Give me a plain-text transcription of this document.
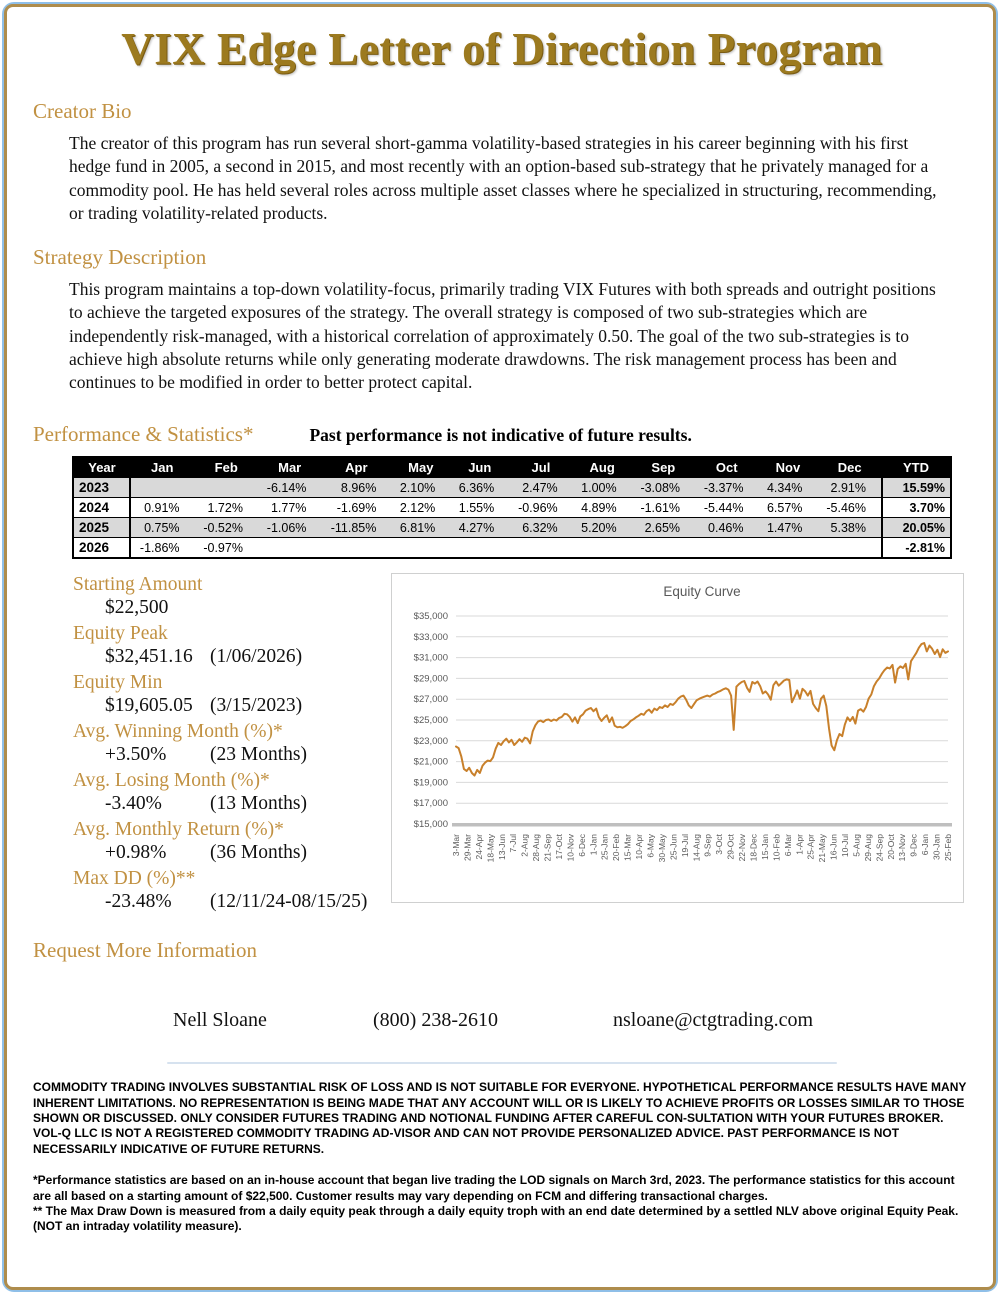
VIX Edge Letter of Direction Program
Creator Bio
The creator of this program has run several short-gamma volatility-based strategies in his career beginning with his first hedge fund in 2005, a second in 2015, and most recently with an option-based sub-strategy that he privately managed for a commodity pool. He has held several roles across multiple asset classes where he specialized in structuring, recommending, or trading volatility-related products.
Strategy Description
This program maintains a top-down volatility-focus, primarily trading VIX Futures with both spreads and outright positions to achieve the targeted exposures of the strategy. The overall strategy is composed of two sub-strategies which are independently risk-managed, with a historical correlation of approximately 0.50. The goal of the two sub-strategies is to achieve high absolute returns while only generating moderate drawdowns. The risk management process has been and continues to be modified in order to better protect capital.
Performance & Statistics*	Past performance is not indicative of future results.
Year	Jan	Feb	Mar	Apr	May	Jun	Jul	Aug	Sep	Oct	Nov	Dec	YTD
2023			-6.14%	8.96%	2.10%	6.36%	2.47%	1.00%	-3.08%	-3.37%	4.34%	2.91%	15.59%
2024	0.91%	1.72%	1.77%	-1.69%	2.12%	1.55%	-0.96%	4.89%	-1.61%	-5.44%	6.57%	-5.46%	3.70%
2025	0.75%	-0.52%	-1.06%	-11.85%	6.81%	4.27%	6.32%	5.20%	2.65%	0.46%	1.47%	5.38%	20.05%
2026	-1.86%	-0.97%											-2.81%
Starting Amount
$22,500
Equity Peak
$32,451.16 (1/06/2026)
Equity Min
$19,605.05 (3/15/2023)
Avg. Winning Month (%)*
+3.50%	(23 Months)
Avg. Losing Month (%)*
-3.40%	(13 Months)
Avg. Monthly Return (%)*
+0.98%	(36 Months)
Max DD (%)**
-23.48%	(12/11/24-08/15/25)
Equity Curve
$15,000
$17,000
$19,000
$21,000
$23,000
$25,000
$27,000
$29,000
$31,000
$33,000
$35,000
3-Mar 29-Mar 24-Apr 18-May 13-Jun 7-Jul 2-Aug 28-Aug 21-Sep 17-Oct 10-Nov 6-Dec 1-Jan 25-Jan 20-Feb 15-Mar 10-Apr 6-May 30-May 25-Jun 19-Jul 14-Aug 9-Sep 3-Oct 29-Oct 22-Nov 18-Dec 15-Jan 10-Feb 6-Mar 1-Apr 25-Apr 21-May 16-Jun 10-Jul 5-Aug 29-Aug 24-Sep 20-Oct 13-Nov 9-Dec 6-Jan 30-Jan 25-Feb
Request More Information
Nell Sloane	(800) 238-2610	nsloane@ctgtrading.com
COMMODITY TRADING INVOLVES SUBSTANTIAL RISK OF LOSS AND IS NOT SUITABLE FOR EVERYONE. HYPOTHETICAL PERFORMANCE RESULTS HAVE MANY INHERENT LIMITATIONS. NO REPRESENTATION IS BEING MADE THAT ANY ACCOUNT WILL OR IS LIKELY TO ACHIEVE PROFITS OR LOSSES SIMILAR TO THOSE SHOWN OR DISCUSSED. ONLY CONSIDER FUTURES TRADING AND NOTIONAL FUNDING AFTER CAREFUL CON-SULTATION WITH YOUR FUTURES BROKER. VOL-Q LLC IS NOT A REGISTERED COMMODITY TRADING AD-VISOR AND CAN NOT PROVIDE PERSONALIZED ADVICE. PAST PERFORMANCE IS NOT NECESSARILY INDICATIVE OF FUTURE RETURNS.
*Performance statistics are based on an in-house account that began live trading the LOD signals on March 3rd, 2023. The performance statistics for this account are all based on a starting amount of $22,500. Customer results may vary depending on FCM and differing transactional charges.
** The Max Draw Down is measured from a daily equity peak through a daily equity troph with an end date determined by a settled NLV above original Equity Peak. (NOT an intraday volatility measure).
